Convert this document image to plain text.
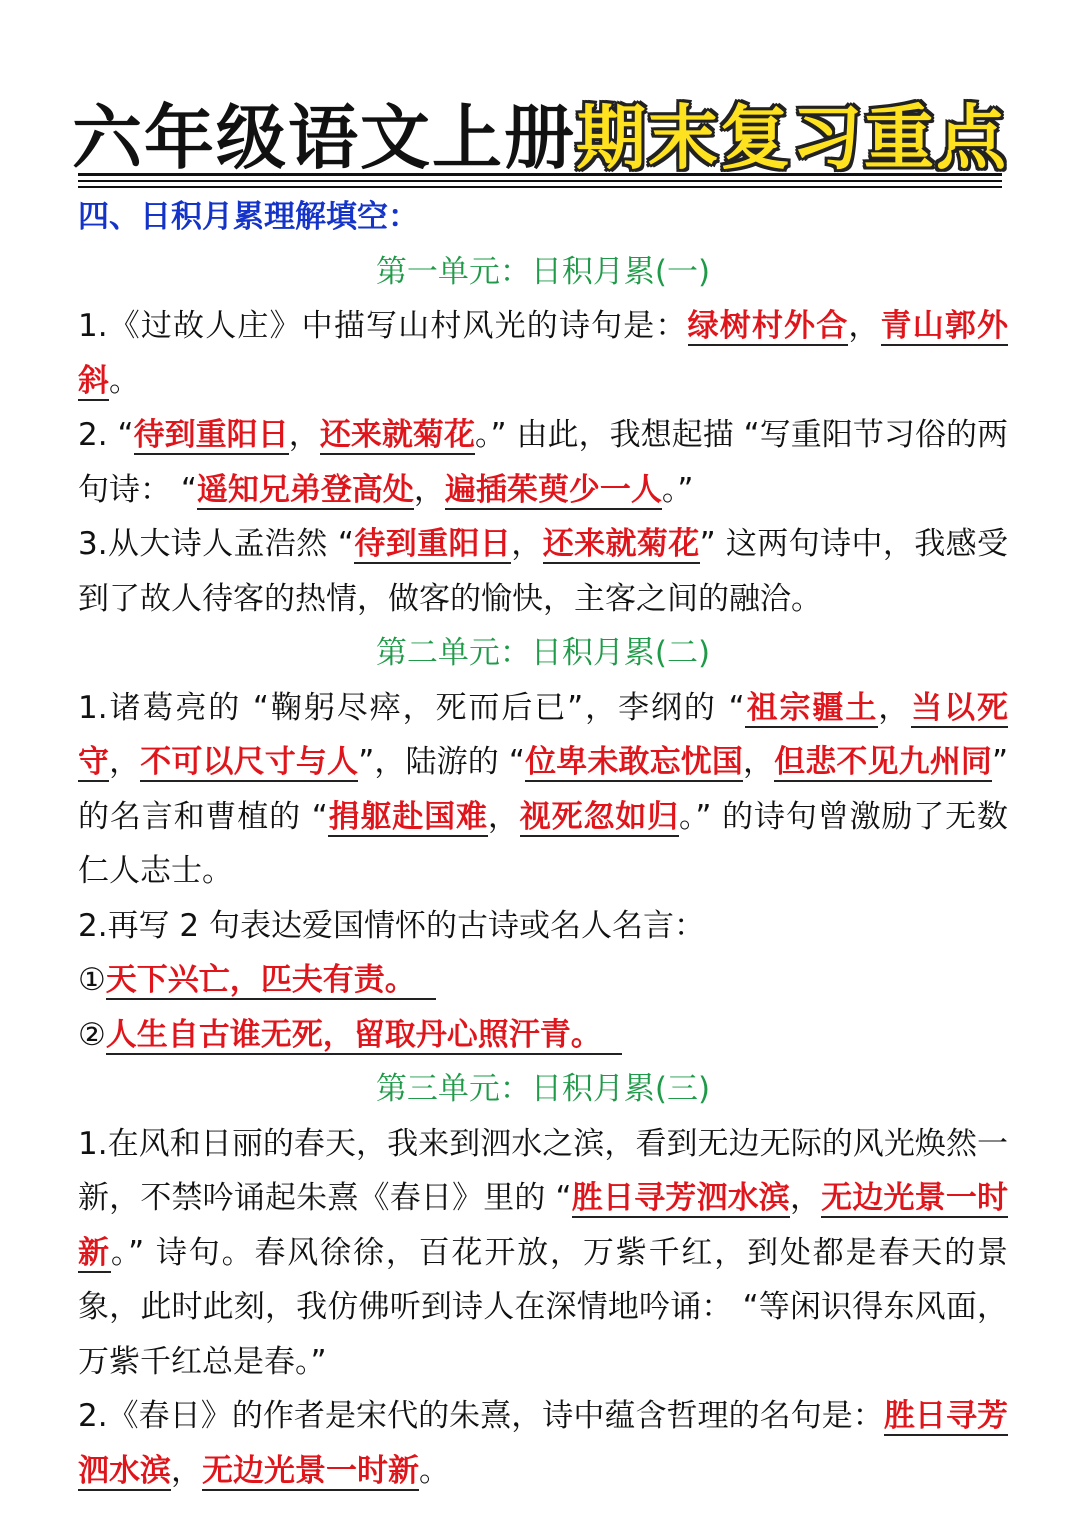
六年级语文上册期末复习重点
四、日积月累理解填空：
第一单元：日积月累(一)

1.《过故人庄》中描写山村风光的诗句是：绿树村外合，青山郭外斜。

2. “待到重阳日，还来就菊花。” 由此，我想起描 “写重阳节习俗的两句诗： “遥知兄弟登高处，遍插茱萸少一人。”

3.从大诗人孟浩然 “待到重阳日，还来就菊花” 这两句诗中，我感受到了故人待客的热情，做客的愉快，主客之间的融洽。

第二单元：日积月累(二)

1.诸葛亮的 “鞠躬尽瘁，死而后已”，李纲的 “祖宗疆土，当以死守，不可以尺寸与人”，陆游的 “位卑未敢忘忧国，但悲不见九州同” 的名言和曹植的 “捐躯赴国难，视死忽如归。” 的诗句曾激励了无数仁人志士。

2.再写 2 句表达爱国情怀的古诗或名人名言：

①天下兴亡，匹夫有责。

②人生自古谁无死，留取丹心照汗青。

第三单元：日积月累(三)

1.在风和日丽的春天，我来到泗水之滨，看到无边无际的风光焕然一新，不禁吟诵起朱熹《春日》里的 “胜日寻芳泗水滨，无边光景一时新。” 诗句。春风徐徐，百花开放，万紫千红，到处都是春天的景象，此时此刻，我仿佛听到诗人在深情地吟诵： “等闲识得东风面，万紫千红总是春。”

2.《春日》的作者是宋代的朱熹，诗中蕴含哲理的名句是：胜日寻芳泗水滨，无边光景一时新。
